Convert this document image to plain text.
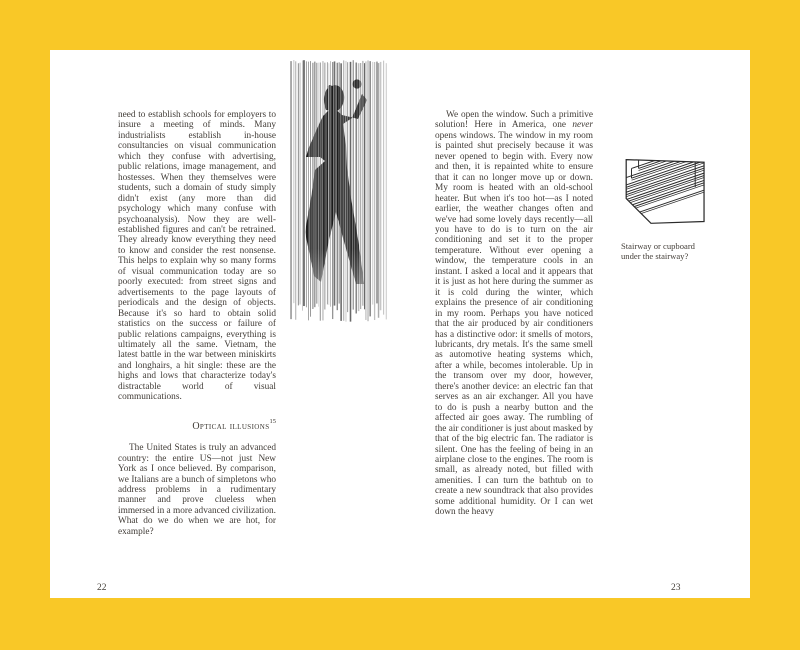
need to establish schools for employers to insure a meeting of minds. Many industrialists establish in-house consultancies on visual communication which they confuse with advertising, public relations, image management, and hostesses. When they themselves were students, such a domain of study simply didn't exist (any more than did psychology which many confuse with psychoanalysis). Now they are well-established figures and can't be retrained. They already know everything they need to know and consider the rest nonsense. This helps to explain why so many forms of visual communication today are so poorly executed: from street signs and advertisements to the page layouts of periodicals and the design of objects. Because it's so hard to obtain solid statistics on the success or failure of public relations campaigns, everything is ultimately all the same. Vietnam, the latest battle in the war between miniskirts and longhairs, a hit single: these are the highs and lows that characterize today's distractable world of visual communications.

Optical illusions$^{15}$

The United States is truly an advanced country: the entire US—not just New York as I once believed. By comparison, we Italians are a bunch of simpletons who address problems in a rudimentary manner and prove clueless when immersed in a more advanced civilization. What do we do when we are hot, for example?

We open the window. Such a primitive solution! Here in America, one never opens windows. The window in my room is painted shut precisely because it was never opened to begin with. Every now and then, it is repainted white to ensure that it can no longer move up or down. My room is heated with an old-school heater. But when it's too hot—as I noted earlier, the weather changes often and we've had some lovely days recently—all you have to do is to turn on the air conditioning and set it to the proper temperature. Without ever opening a window, the temperature cools in an instant. I asked a local and it appears that it is just as hot here during the summer as it is cold during the winter, which explains the presence of air conditioning in my room. Perhaps you have noticed that the air produced by air conditioners has a distinctive odor: it smells of motors, lubricants, dry metals. It's the same smell as automotive heating systems which, after a while, becomes intolerable. Up in the transom over my door, however, there's another device: an electric fan that serves as an air exchanger. All you have to do is push a nearby button and the affected air goes away. The rumbling of the air conditioner is just about masked by that of the big electric fan. The radiator is silent. One has the feeling of being in an airplane close to the engines. The room is small, as already noted, but filled with amenities. I can turn the bathtub on to create a new soundtrack that also provides some additional humidity. Or I can wet down the heavy

Stairway or cupboard
under the stairway?
22	23
